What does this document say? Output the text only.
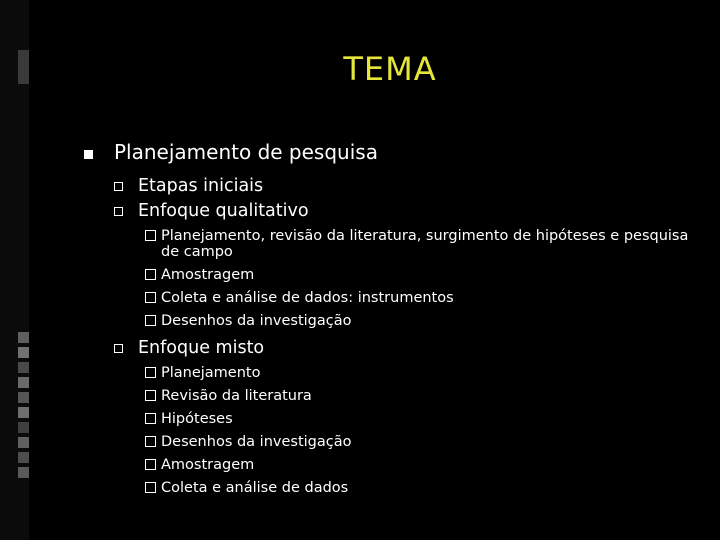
TEMA
Planejamento de pesquisa
Etapas iniciais
Enfoque qualitativo
Planejamento, revisão da literatura, surgimento de hipóteses e pesquisa de campo
Amostragem
Coleta e análise de dados: instrumentos
Desenhos da investigação
Enfoque misto
Planejamento
Revisão da literatura
Hipóteses
Desenhos da investigação
Amostragem
Coleta e análise de dados
